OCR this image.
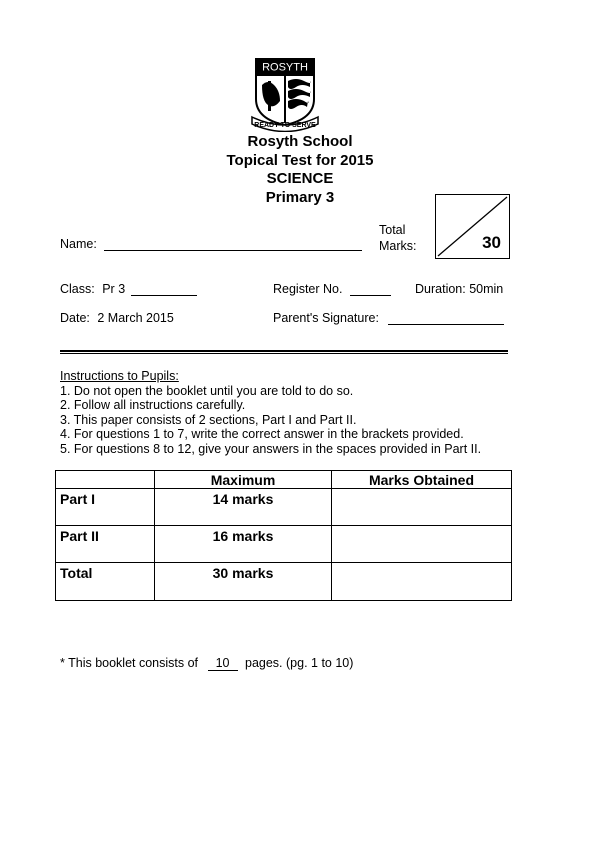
ROSYTH
READY TO SERVE
Rosyth School
Topical Test for 2015
SCIENCE
Primary 3
Total
Marks:	30
Name:
Class: Pr 3	Register No.	Duration: 50min
Date: 2 March 2015	Parent's Signature:
Instructions to Pupils:
1. Do not open the booklet until you are told to do so.
2. Follow all instructions carefully.
3. This paper consists of 2 sections, Part I and Part II.
4. For questions 1 to 7, write the correct answer in the brackets provided.
5. For questions 8 to 12, give your answers in the spaces provided in Part II.
	Maximum	Marks Obtained
Part I	14 marks	
Part II	16 marks	
Total	30 marks	
* This booklet consists of 10 pages. (pg. 1 to 10)
